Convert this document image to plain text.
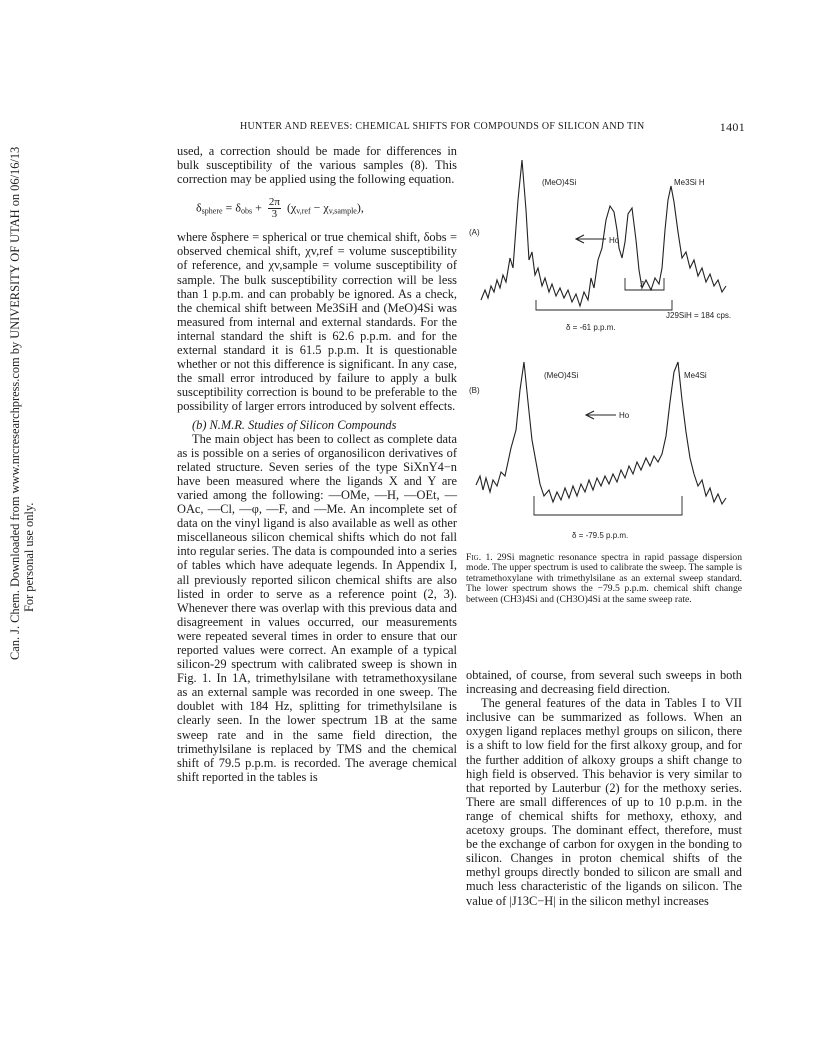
HUNTER AND REEVES: CHEMICAL SHIFTS FOR COMPOUNDS OF SILICON AND TIN	1401
Can. J. Chem. Downloaded from www.nrcresearchpress.com by UNIVERSITY OF UTAH on 06/16/13 For personal use only.

used, a correction should be made for differences in bulk susceptibility of the various samples (8). This correction may be applied using the following equation.

$\delta_{sphere} = \delta_{obs} + \frac{2\pi}{3} (\chi_{v,ref} - \chi_{v,sample})$,

where δsphere = spherical or true chemical shift, δobs = observed chemical shift, χv,ref = volume susceptibility of reference, and χv,sample = volume susceptibility of sample. The bulk susceptibility correction will be less than 1 p.p.m. and can probably be ignored. As a check, the chemical shift between Me3SiH and (MeO)4Si was measured from internal and external standards. For the internal standard the shift is 62.6 p.p.m. and for the external standard it is 61.5 p.p.m. It is questionable whether or not this difference is significant. In any case, the small error introduced by failure to apply a bulk susceptibility correction is bound to be preferable to the possibility of larger errors introduced by solvent effects.

(b) N.M.R. Studies of Silicon Compounds

The main object has been to collect as complete data as is possible on a series of organosilicon derivatives of related structure. Seven series of the type SiXnY4−n have been measured where the ligands X and Y are varied among the following: —OMe, —H, —OEt, —OAc, —Cl, —φ, —F, and —Me. An incomplete set of data on the vinyl ligand is also available as well as other miscellaneous silicon chemical shifts which do not fall into regular series. The data is compounded into a series of tables which have adequate legends. In Appendix I, all previously reported silicon chemical shifts are also listed in order to serve as a reference point (2, 3). Whenever there was overlap with this previous data and disagreement in values occurred, our measurements were repeated several times in order to ensure that our reported values were correct. An example of a typical silicon-29 spectrum with calibrated sweep is shown in Fig. 1. In 1A, trimethylsilane with tetramethoxysilane as an external sample was recorded in one sweep. The doublet with 184 Hz, splitting for trimethylsilane is clearly seen. In the lower spectrum 1B at the same sweep rate and in the same field direction, the trimethylsilane is replaced by TMS and the chemical shift of 79.5 p.p.m. is recorded. The average chemical shift reported in the tables is

(A)
(MeO)4Si	Me3Si H
Ho
J
J29SiH = 184 cps.
δ = -61 p.p.m.
(B)
(MeO)4Si	Me4Si
Ho
δ = -79.5 p.p.m.
Fig. 1. 29Si magnetic resonance spectra in rapid passage dispersion mode. The upper spectrum is used to calibrate the sweep. The sample is tetramethoxylane with trimethylsilane as an external sweep standard. The lower spectrum shows the −79.5 p.p.m. chemical shift change between (CH3)4Si and (CH3O)4Si at the same sweep rate.

obtained, of course, from several such sweeps in both increasing and decreasing field direction.

The general features of the data in Tables I to VII inclusive can be summarized as follows. When an oxygen ligand replaces methyl groups on silicon, there is a shift to low field for the first alkoxy group, and for the further addition of alkoxy groups a shift change to high field is observed. This behavior is very similar to that reported by Lauterbur (2) for the methoxy series. There are small differences of up to 10 p.p.m. in the range of chemical shifts for methoxy, ethoxy, and acetoxy groups. The dominant effect, therefore, must be the exchange of carbon for oxygen in the bonding to silicon. Changes in proton chemical shifts of the methyl groups directly bonded to silicon are small and much less characteristic of the ligands on silicon. The value of |J13C−H| in the silicon methyl increases
